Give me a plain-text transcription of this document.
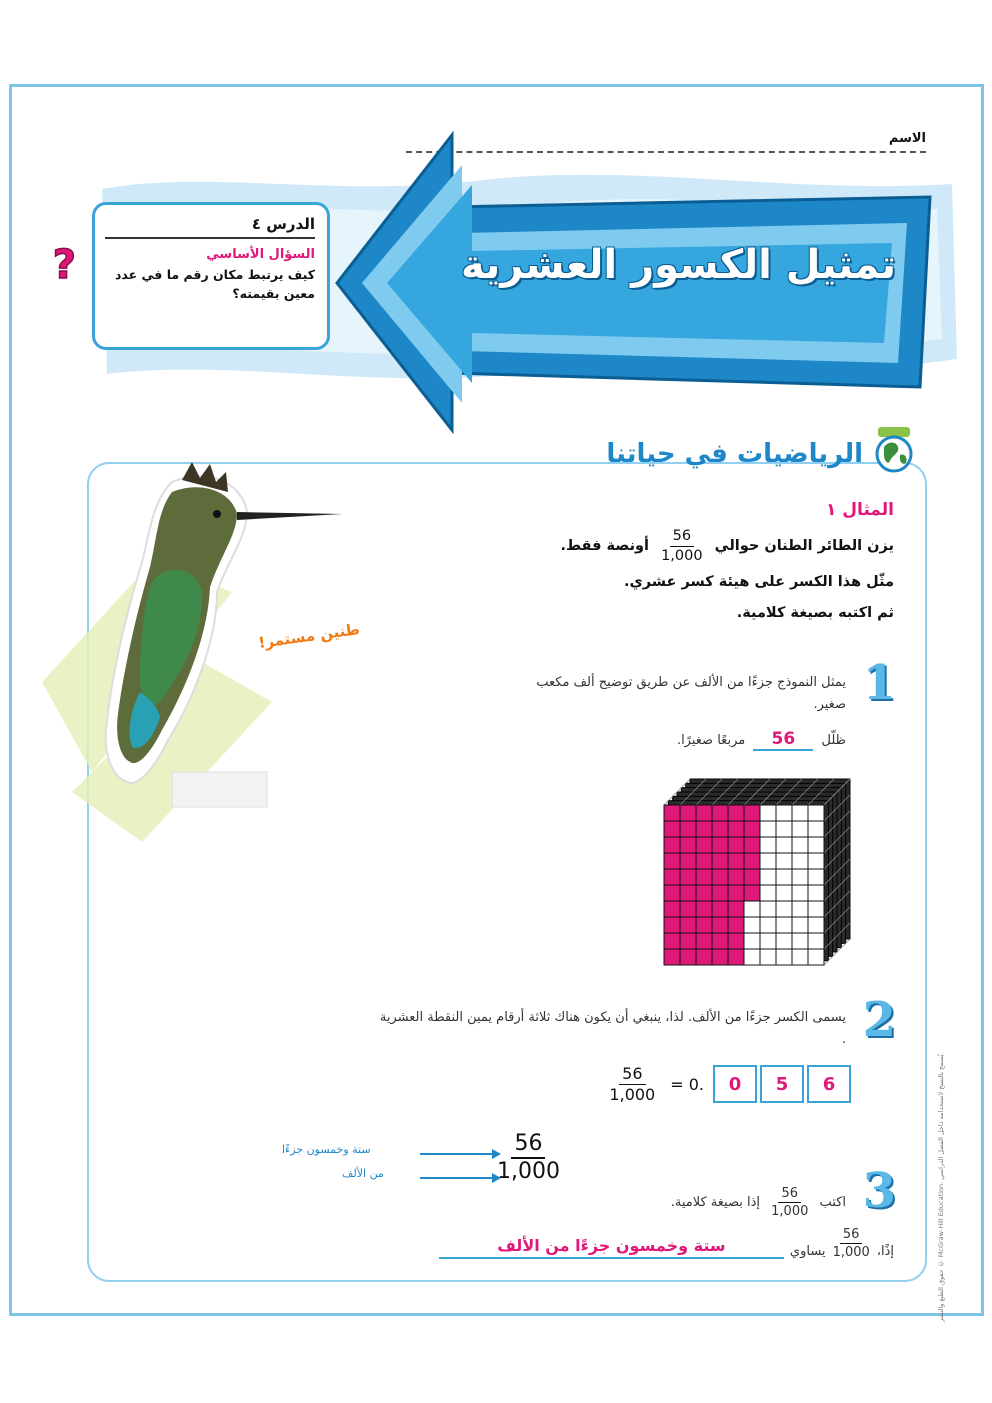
الاسم
تمثيل الكسور العشرية
?
الدرس ٤
السؤال الأساسي
كيف يرتبط مكان رقم ما في عدد معين بقيمته؟
طنين مستمر!
الرياضيات في حياتنا
المثال ١
يزن الطائر الطنان حوالي
$\frac{56}{1,000}$
أونصة فقط.
مثّل هذا الكسر على هيئة كسر عشري.
ثم اكتبه بصيغة كلامية.
1
يمثل النموذج جزءًا من الألف عن طريق توضيح ألف مكعب صغير.
ظلّل 56 مربعًا صغيرًا.
2
يسمى الكسر جزءًا من الألف. لذا، ينبغي أن يكون هناك ثلاثة أرقام يمين النقطة العشرية .
$\frac{56}{1,000} = 0$.	0	5	6
$\frac{56}{1,000}$
ستة وخمسون جزءًا
من الألف	3
اكتب
$\frac{56}{1,000}$
إذا بصيغة كلامية.
إذًا،
$\frac{56}{1,000}$
يساوي
ستة وخمسون جزءًا من الألف
حقوق الطبع والنشر © McGraw-Hill Education. يُسمح بالنسخ لاستخدامه داخل الفصل الدراسي.
